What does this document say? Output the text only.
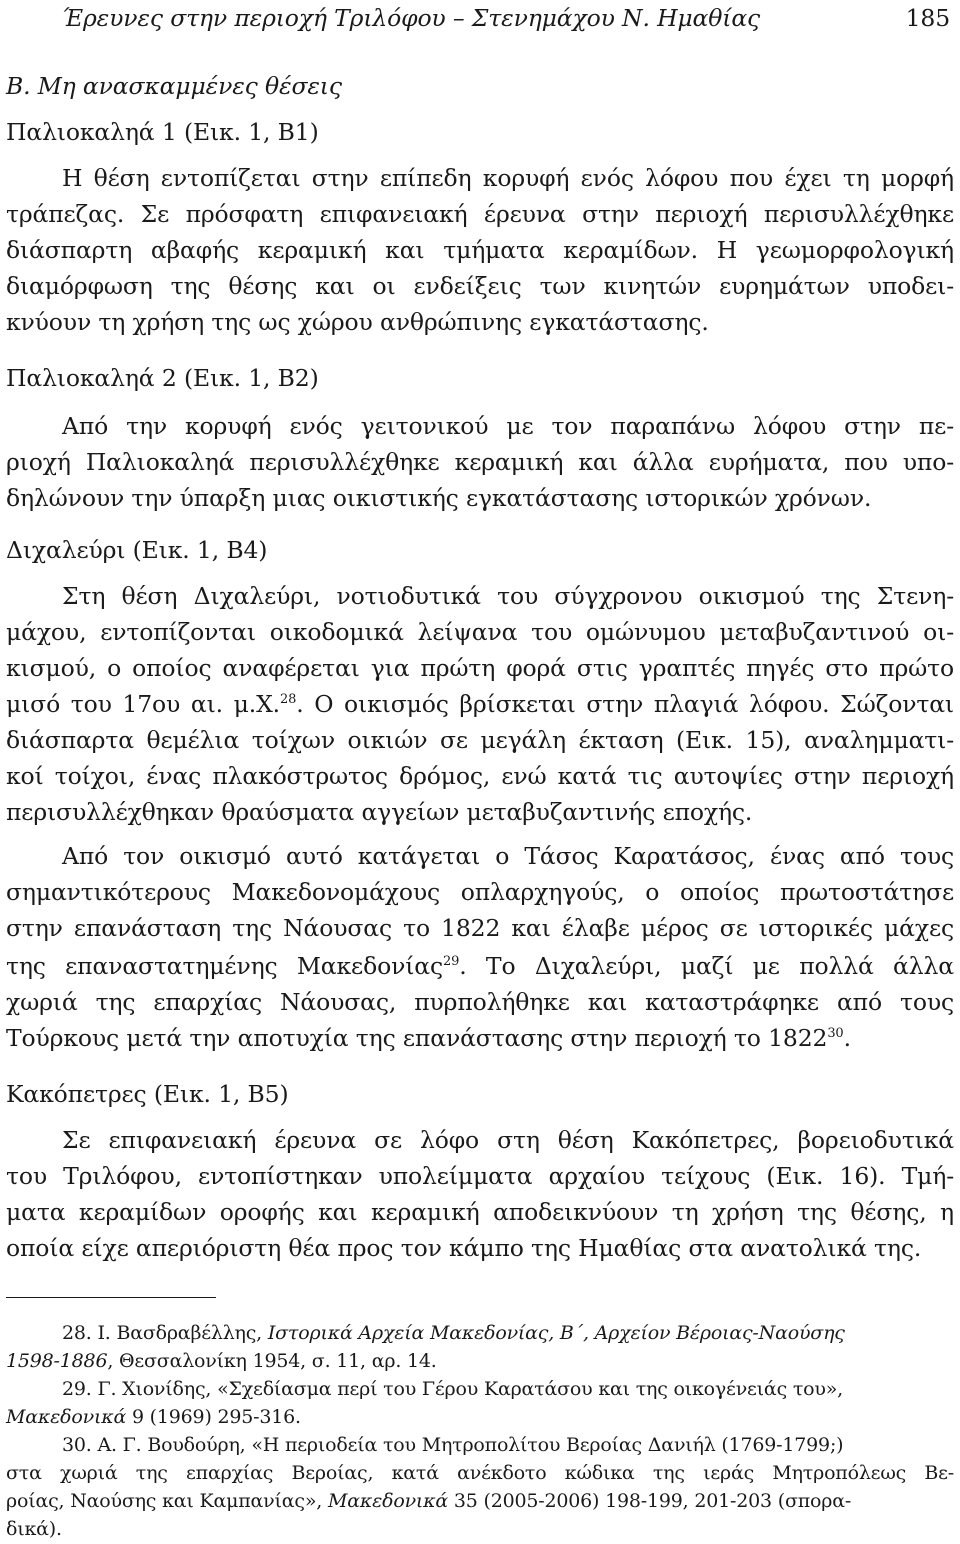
Έρευνες στην περιοχή Τριλόφου – Στενημάχου Ν. Ημαθίας	185
Β. Μη ανασκαμμένες θέσεις
Παλιοκαληά 1 (Εικ. 1, Β1)
Η θέση εντοπίζεται στην επίπεδη κορυφή ενός λόφου που έχει τη μορφή
τράπεζας. Σε πρόσφατη επιφανειακή έρευνα στην περιοχή περισυλλέχθηκε
διάσπαρτη αβαφής κεραμική και τμήματα κεραμίδων. Η γεωμορφολογική
διαμόρφωση της θέσης και οι ενδείξεις των κινητών ευρημάτων υποδει-
κνύουν τη χρήση της ως χώρου ανθρώπινης εγκατάστασης.
Παλιοκαληά 2 (Εικ. 1, Β2)
Από την κορυφή ενός γειτονικού με τον παραπάνω λόφου στην πε-
ριοχή Παλιοκαληά περισυλλέχθηκε κεραμική και άλλα ευρήματα, που υπο-
δηλώνουν την ύπαρξη μιας οικιστικής εγκατάστασης ιστορικών χρόνων.
Διχαλεύρι (Εικ. 1, Β4)
Στη θέση Διχαλεύρι, νοτιοδυτικά του σύγχρονου οικισμού της Στενη-
μάχου, εντοπίζονται οικοδομικά λείψανα του ομώνυμου μεταβυζαντινού οι-
κισμού, ο οποίος αναφέρεται για πρώτη φορά στις γραπτές πηγές στο πρώτο
μισό του 17ου αι. μ.Χ.$^{28}$. Ο οικισμός βρίσκεται στην πλαγιά λόφου. Σώζονται
διάσπαρτα θεμέλια τοίχων οικιών σε μεγάλη έκταση (Εικ. 15), αναλημματι-
κοί τοίχοι, ένας πλακόστρωτος δρόμος, ενώ κατά τις αυτοψίες στην περιοχή
περισυλλέχθηκαν θραύσματα αγγείων μεταβυζαντινής εποχής.
Από τον οικισμό αυτό κατάγεται ο Τάσος Καρατάσος, ένας από τους
σημαντικότερους Μακεδονομάχους οπλαρχηγούς, ο οποίος πρωτοστάτησε
στην επανάσταση της Νάουσας το 1822 και έλαβε μέρος σε ιστορικές μάχες
της επαναστατημένης Μακεδονίας$^{29}$. Το Διχαλεύρι, μαζί με πολλά άλλα
χωριά της επαρχίας Νάουσας, πυρπολήθηκε και καταστράφηκε από τους
Τούρκους μετά την αποτυχία της επανάστασης στην περιοχή το 1822$^{30}$.
Κακόπετρες (Εικ. 1, Β5)
Σε επιφανειακή έρευνα σε λόφο στη θέση Κακόπετρες, βορειοδυτικά
του Τριλόφου, εντοπίστηκαν υπολείμματα αρχαίου τείχους (Εικ. 16). Τμή-
ματα κεραμίδων οροφής και κεραμική αποδεικνύουν τη χρήση της θέσης, η
οποία είχε απεριόριστη θέα προς τον κάμπο της Ημαθίας στα ανατολικά της.
28. Ι. Βασδραβέλλης, Ιστορικά Αρχεία Μακεδονίας, Β΄, Αρχείον Βέροιας-Ναούσης
1598-1886, Θεσσαλονίκη 1954, σ. 11, αρ. 14.
29. Γ. Χιονίδης, «Σχεδίασμα περί του Γέρου Καρατάσου και της οικογένειάς του»,
Μακεδονικά 9 (1969) 295-316.
30. Α. Γ. Βουδούρη, «Η περιοδεία του Μητροπολίτου Βεροίας Δανιήλ (1769-1799;)
στα χωριά της επαρχίας Βεροίας, κατά ανέκδοτο κώδικα της ιεράς Μητροπόλεως Βε-
ροίας, Ναούσης και Καμπανίας», Μακεδονικά 35 (2005-2006) 198-199, 201-203 (σπορα-
δικά).
